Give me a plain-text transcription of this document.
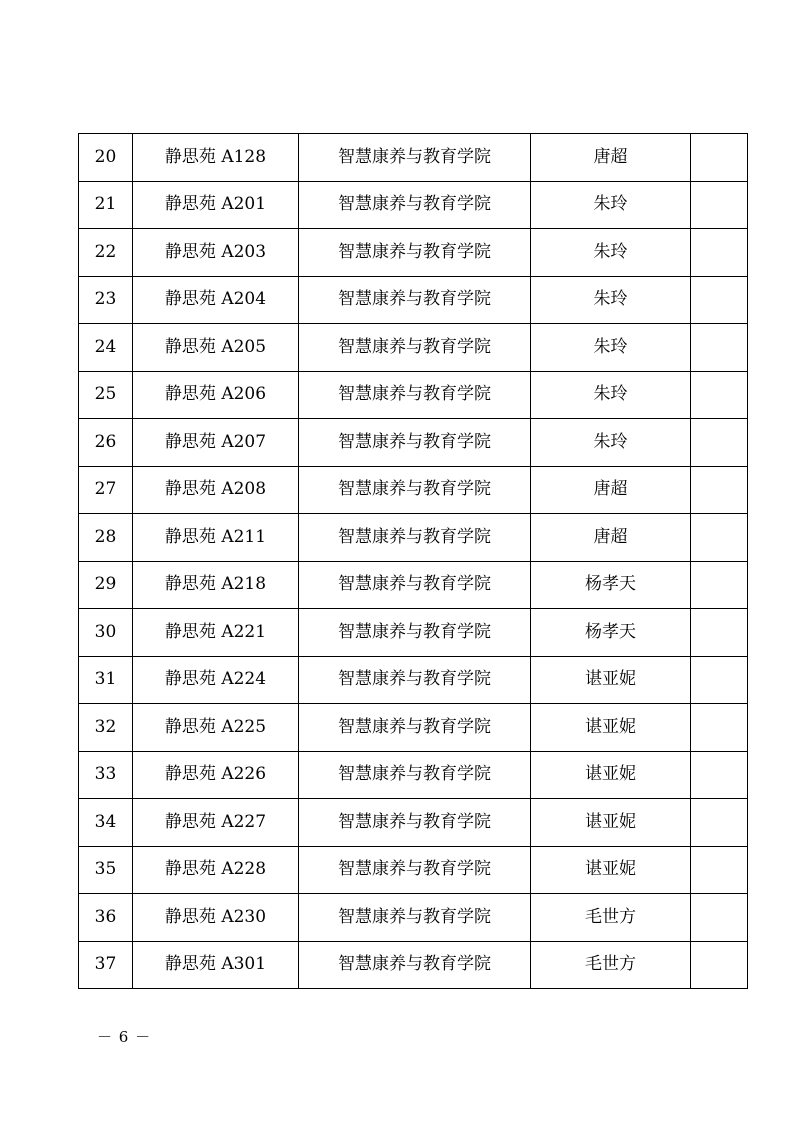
20	静思苑 A128	智慧康养与教育学院	唐超	
21	静思苑 A201	智慧康养与教育学院	朱玲	
22	静思苑 A203	智慧康养与教育学院	朱玲	
23	静思苑 A204	智慧康养与教育学院	朱玲	
24	静思苑 A205	智慧康养与教育学院	朱玲	
25	静思苑 A206	智慧康养与教育学院	朱玲	
26	静思苑 A207	智慧康养与教育学院	朱玲	
27	静思苑 A208	智慧康养与教育学院	唐超	
28	静思苑 A211	智慧康养与教育学院	唐超	
29	静思苑 A218	智慧康养与教育学院	杨孝天	
30	静思苑 A221	智慧康养与教育学院	杨孝天	
31	静思苑 A224	智慧康养与教育学院	谌亚妮	
32	静思苑 A225	智慧康养与教育学院	谌亚妮	
33	静思苑 A226	智慧康养与教育学院	谌亚妮	
34	静思苑 A227	智慧康养与教育学院	谌亚妮	
35	静思苑 A228	智慧康养与教育学院	谌亚妮	
36	静思苑 A230	智慧康养与教育学院	毛世方	
37	静思苑 A301	智慧康养与教育学院	毛世方	
－ 6 －
